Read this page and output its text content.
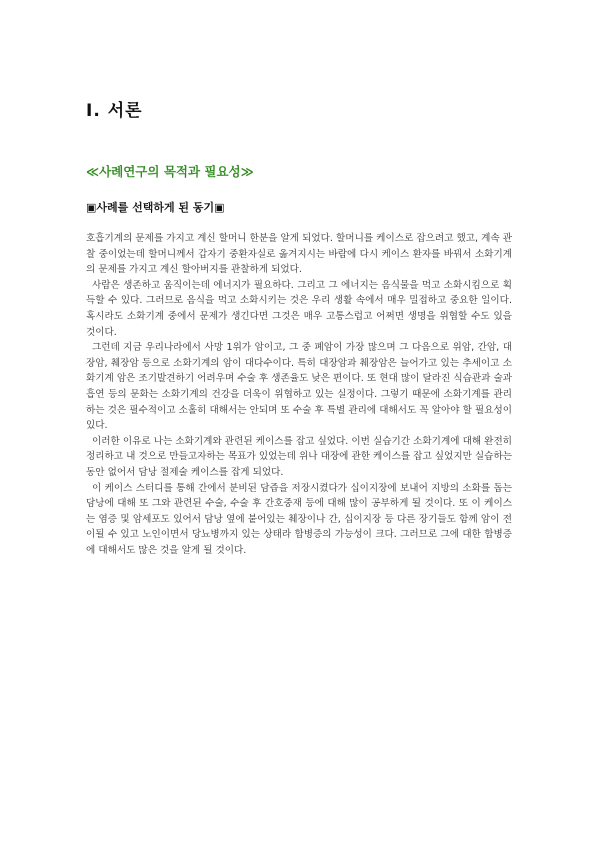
Ⅰ. 서론
≪사례연구의 목적과 필요성≫
▣사례를 선택하게 된 동기▣

호흡기계의 문제를 가지고 계신 할머니 한분을 알게 되었다. 할머니를 케이스로 잡으려고 했고, 계속 관찰 중이었는데 할머니께서 갑자기 중환자실로 옮겨지시는 바람에 다시 케이스 환자를 바꿔서 소화기계의 문제를 가지고 계신 할아버지를 관찰하게 되었다.

사람은 생존하고 움직이는데 에너지가 필요하다. 그리고 그 에너지는 음식물을 먹고 소화시킴으로 획득할 수 있다. 그러므로 음식을 먹고 소화시키는 것은 우리 생활 속에서 매우 밀접하고 중요한 일이다. 혹시라도 소화기계 중에서 문제가 생긴다면 그것은 매우 고통스럽고 어쩌면 생명을 위협할 수도 있을 것이다.

그런데 지금 우리나라에서 사망 1위가 암이고, 그 중 폐암이 가장 많으며 그 다음으로 위암, 간암, 대장암, 췌장암 등으로 소화기계의 암이 대다수이다. 특히 대장암과 췌장암은 늘어가고 있는 추세이고 소화기계 암은 조기발견하기 어려우며 수술 후 생존율도 낮은 편이다. 또 현대 많이 달라진 식습관과 술과 흡연 등의 문화는 소화기계의 건강을 더욱이 위협하고 있는 실정이다. 그렇기 때문에 소화기계를 관리하는 것은 필수적이고 소홀히 대해서는 안되며 또 수술 후 특별 관리에 대해서도 꼭 알아야 할 필요성이 있다.

이러한 이유로 나는 소화기계와 관련된 케이스를 잡고 싶었다. 이번 실습기간 소화기계에 대해 완전히 정리하고 내 것으로 만들고자하는 목표가 있었는데 위나 대장에 관한 케이스를 잡고 싶었지만 실습하는 동안 없어서 담낭 절제술 케이스를 잡게 되었다.

이 케이스 스터디를 통해 간에서 분비된 담즙을 저장시켰다가 십이지장에 보내어 지방의 소화를 돕는 담낭에 대해 또 그와 관련된 수술, 수술 후 간호중재 등에 대해 많이 공부하게 될 것이다. 또 이 케이스는 염증 및 암세포도 있어서 담낭 옆에 붙어있는 췌장이나 간, 십이지장 등 다른 장기들도 함께 암이 전이될 수 있고 노인이면서 당뇨병까지 있는 상태라 합병증의 가능성이 크다. 그러므로 그에 대한 합병증에 대해서도 많은 것을 알게 될 것이다.
